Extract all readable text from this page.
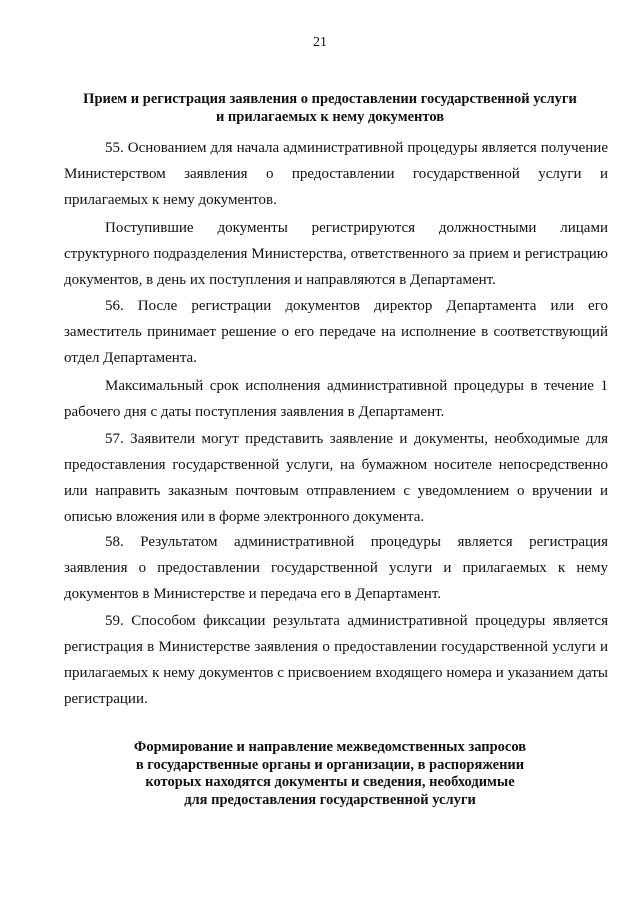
21
Прием и регистрация заявления о предоставлении государственной услуги
и прилагаемых к нему документов

55. Основанием для начала административной процедуры является получение Министерством заявления о предоставлении государственной услуги и прилагаемых к нему документов.

Поступившие документы регистрируются должностными лицами структурного подразделения Министерства, ответственного за прием и регистрацию документов, в день их поступления и направляются в Департамент.

56. После регистрации документов директор Департамента или его заместитель принимает решение о его передаче на исполнение в соответствующий отдел Департамента.

Максимальный срок исполнения административной процедуры в течение 1 рабочего дня с даты поступления заявления в Департамент.

57. Заявители могут представить заявление и документы, необходимые для предоставления государственной услуги, на бумажном носителе непосредственно или направить заказным почтовым отправлением с уведомлением о вручении и описью вложения или в форме электронного документа.

58. Результатом административной процедуры является регистрация заявления о предоставлении государственной услуги и прилагаемых к нему документов в Министерстве и передача его в Департамент.

59. Способом фиксации результата административной процедуры является регистрация в Министерстве заявления о предоставлении государственной услуги и прилагаемых к нему документов с присвоением входящего номера и указанием даты регистрации.

Формирование и направление межведомственных запросов
в государственные органы и организации, в распоряжении
которых находятся документы и сведения, необходимые
для предоставления государственной услуги
